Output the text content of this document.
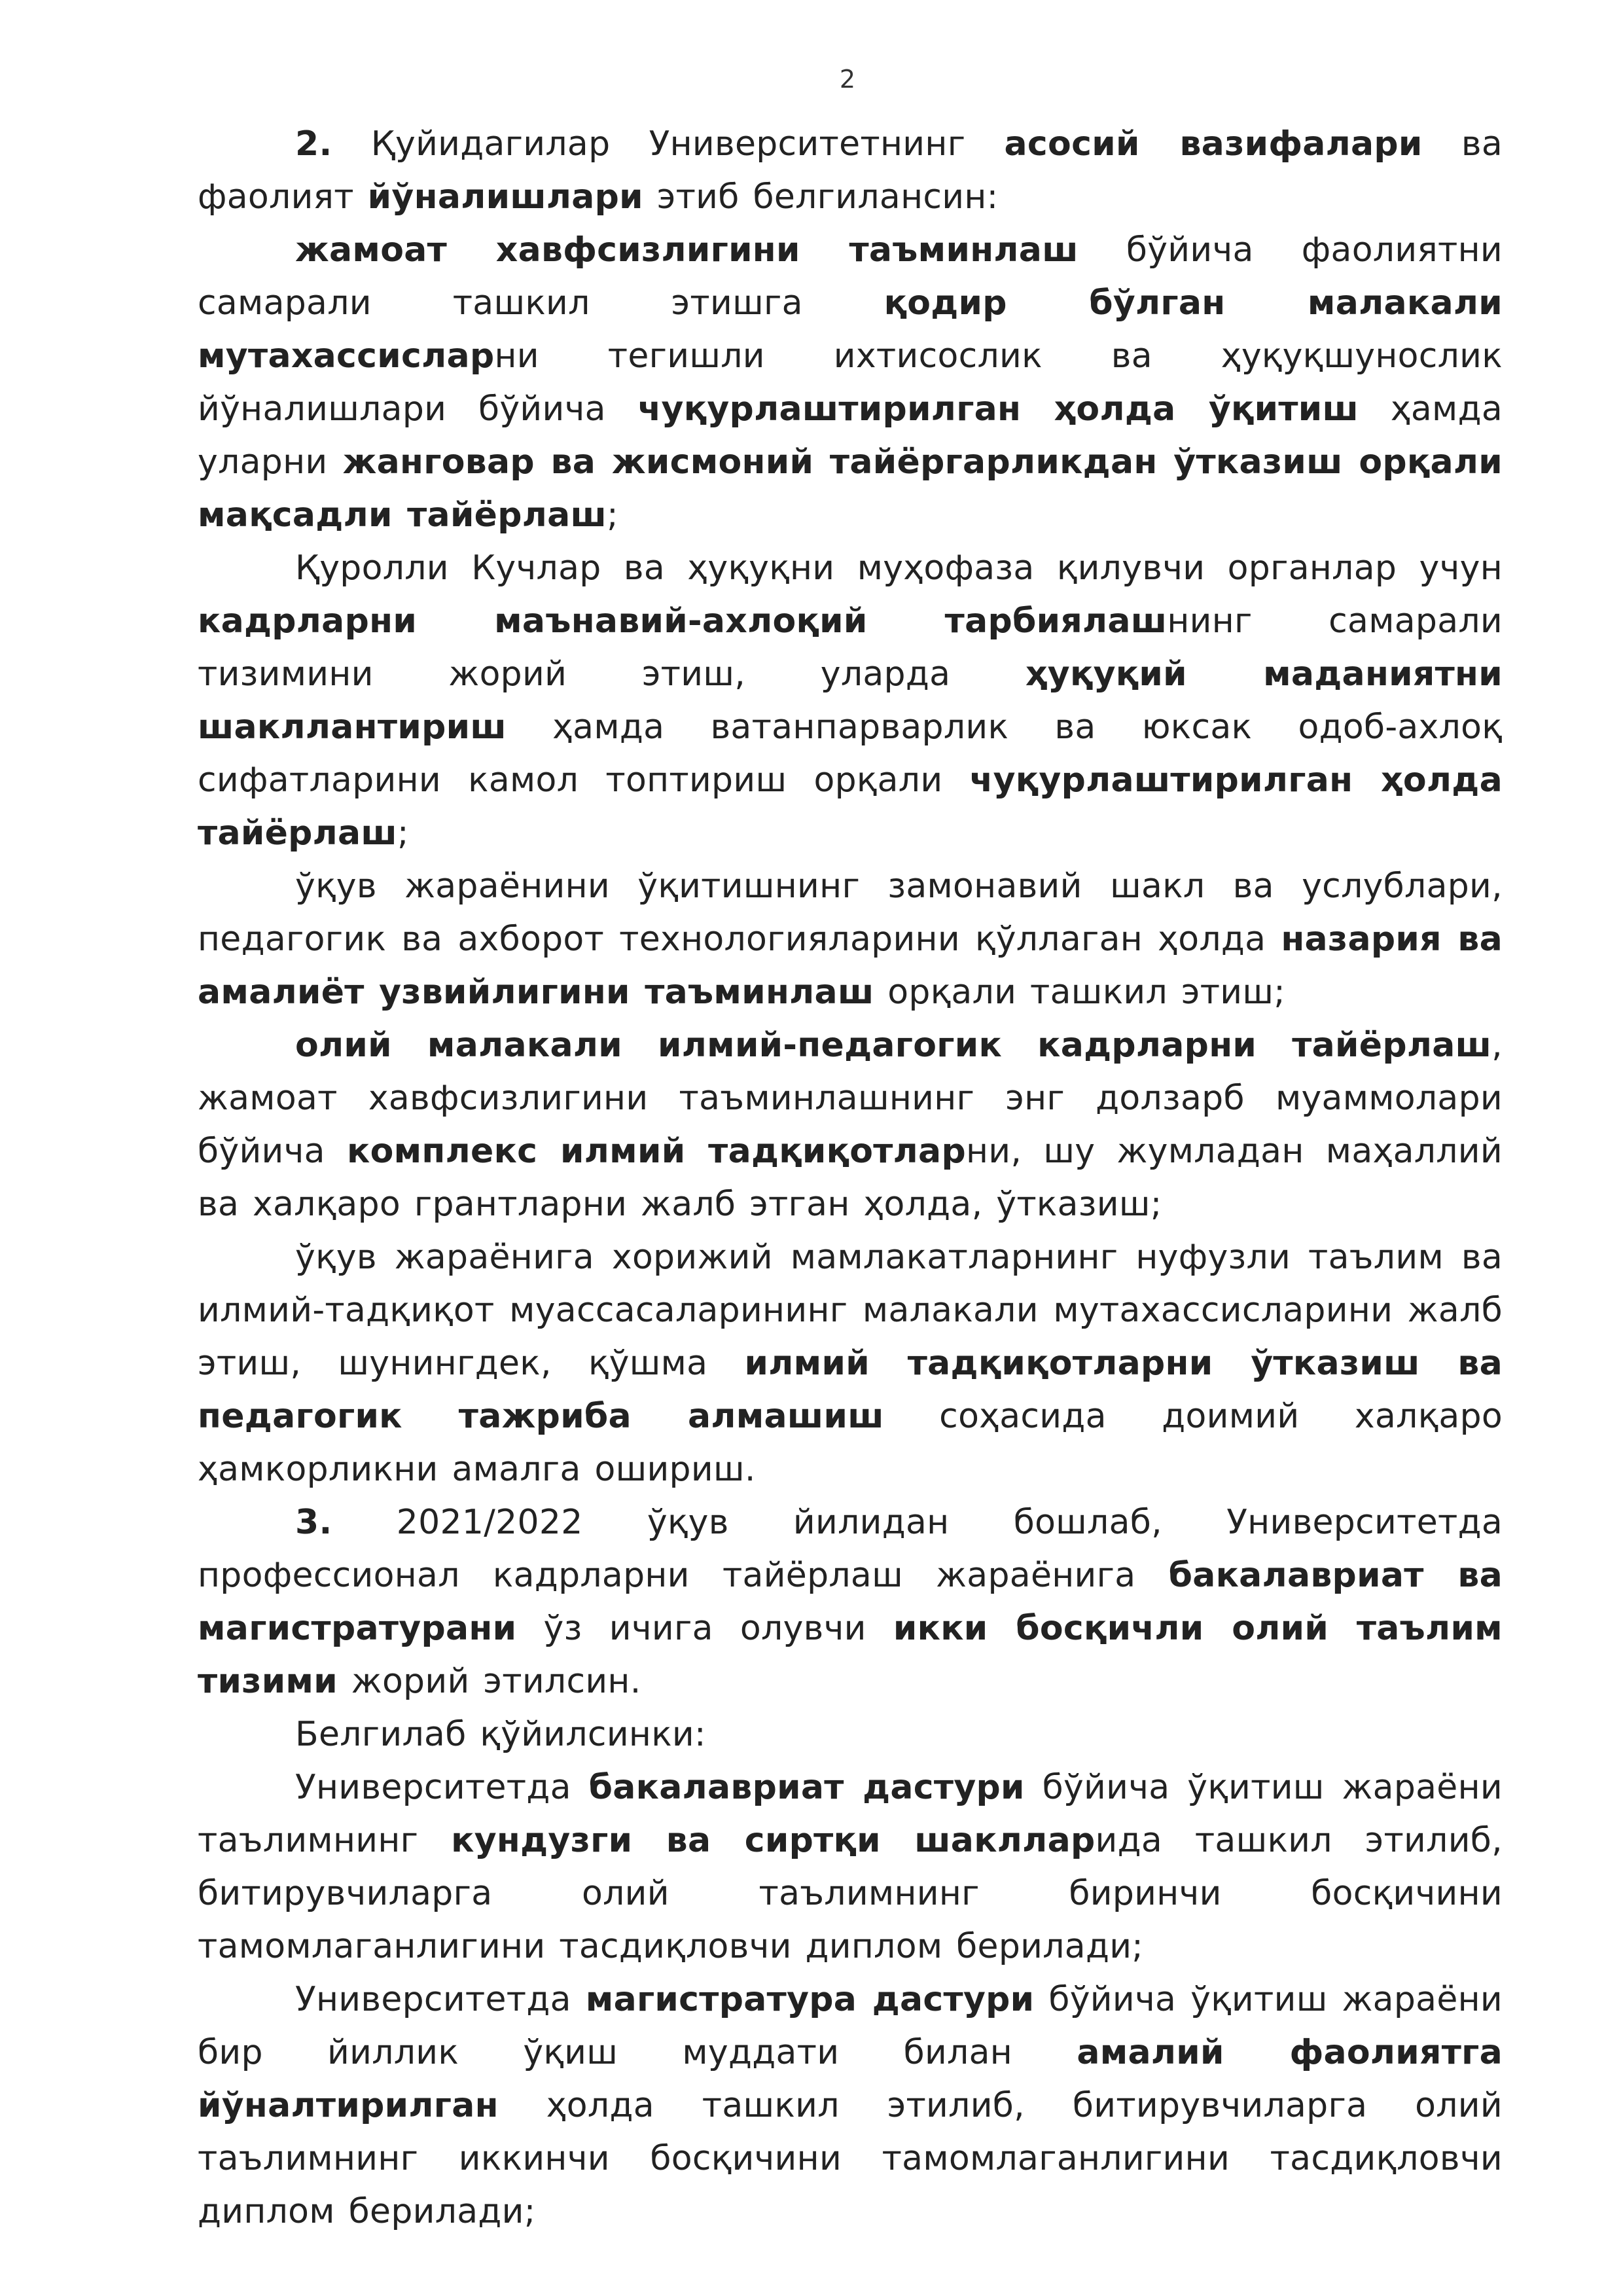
2

2. Қуйидагилар Университетнинг асосий вазифалари ва фаолият йўналишлари этиб белгилансин:

жамоат хавфсизлигини таъминлаш бўйича фаолиятни самарали ташкил этишга қодир бўлган малакали мутахассисларни тегишли ихтисослик ва ҳуқуқшунослик йўналишлари бўйича чуқурлаштирилган ҳолда ўқитиш ҳамда уларни жанговар ва жисмоний тайёргарликдан ўтказиш орқали мақсадли тайёрлаш;

Қуролли Кучлар ва ҳуқуқни муҳофаза қилувчи органлар учун кадрларни маънавий-ахлоқий тарбиялашнинг самарали тизимини жорий этиш, уларда ҳуқуқий маданиятни шакллантириш ҳамда ватанпарварлик ва юксак одоб-ахлоқ сифатларини камол топтириш орқали чуқурлаштирилган ҳолда тайёрлаш;

ўқув жараёнини ўқитишнинг замонавий шакл ва услублари, педагогик ва ахборот технологияларини қўллаган ҳолда назария ва амалиёт узвийлигини таъминлаш орқали ташкил этиш;

олий малакали илмий-педагогик кадрларни тайёрлаш, жамоат хавфсизлигини таъминлашнинг энг долзарб муаммолари бўйича комплекс илмий тадқиқотларни, шу жумладан маҳаллий ва халқаро грантларни жалб этган ҳолда, ўтказиш;

ўқув жараёнига хорижий мамлакатларнинг нуфузли таълим ва илмий-тадқиқот муассасаларининг малакали мутахассисларини жалб этиш, шунингдек, қўшма илмий тадқиқотларни ўтказиш ва педагогик тажриба алмашиш соҳасида доимий халқаро ҳамкорликни амалга ошириш.

3. 2021/2022 ўқув йилидан бошлаб, Университетда профессионал кадрларни тайёрлаш жараёнига бакалавриат ва магистратурани ўз ичига олувчи икки босқичли олий таълим тизими жорий этилсин.

Белгилаб қўйилсинки:

Университетда бакалавриат дастури бўйича ўқитиш жараёни таълимнинг кундузги ва сиртқи шаклларида ташкил этилиб, битирувчиларга олий таълимнинг биринчи босқичини тамомлаганлигини тасдиқловчи диплом берилади;

Университетда магистратура дастури бўйича ўқитиш жараёни бир йиллик ўқиш муддати билан амалий фаолиятга йўналтирилган ҳолда ташкил этилиб, битирувчиларга олий таълимнинг иккинчи босқичини тамомлаганлигини тасдиқловчи диплом берилади;
